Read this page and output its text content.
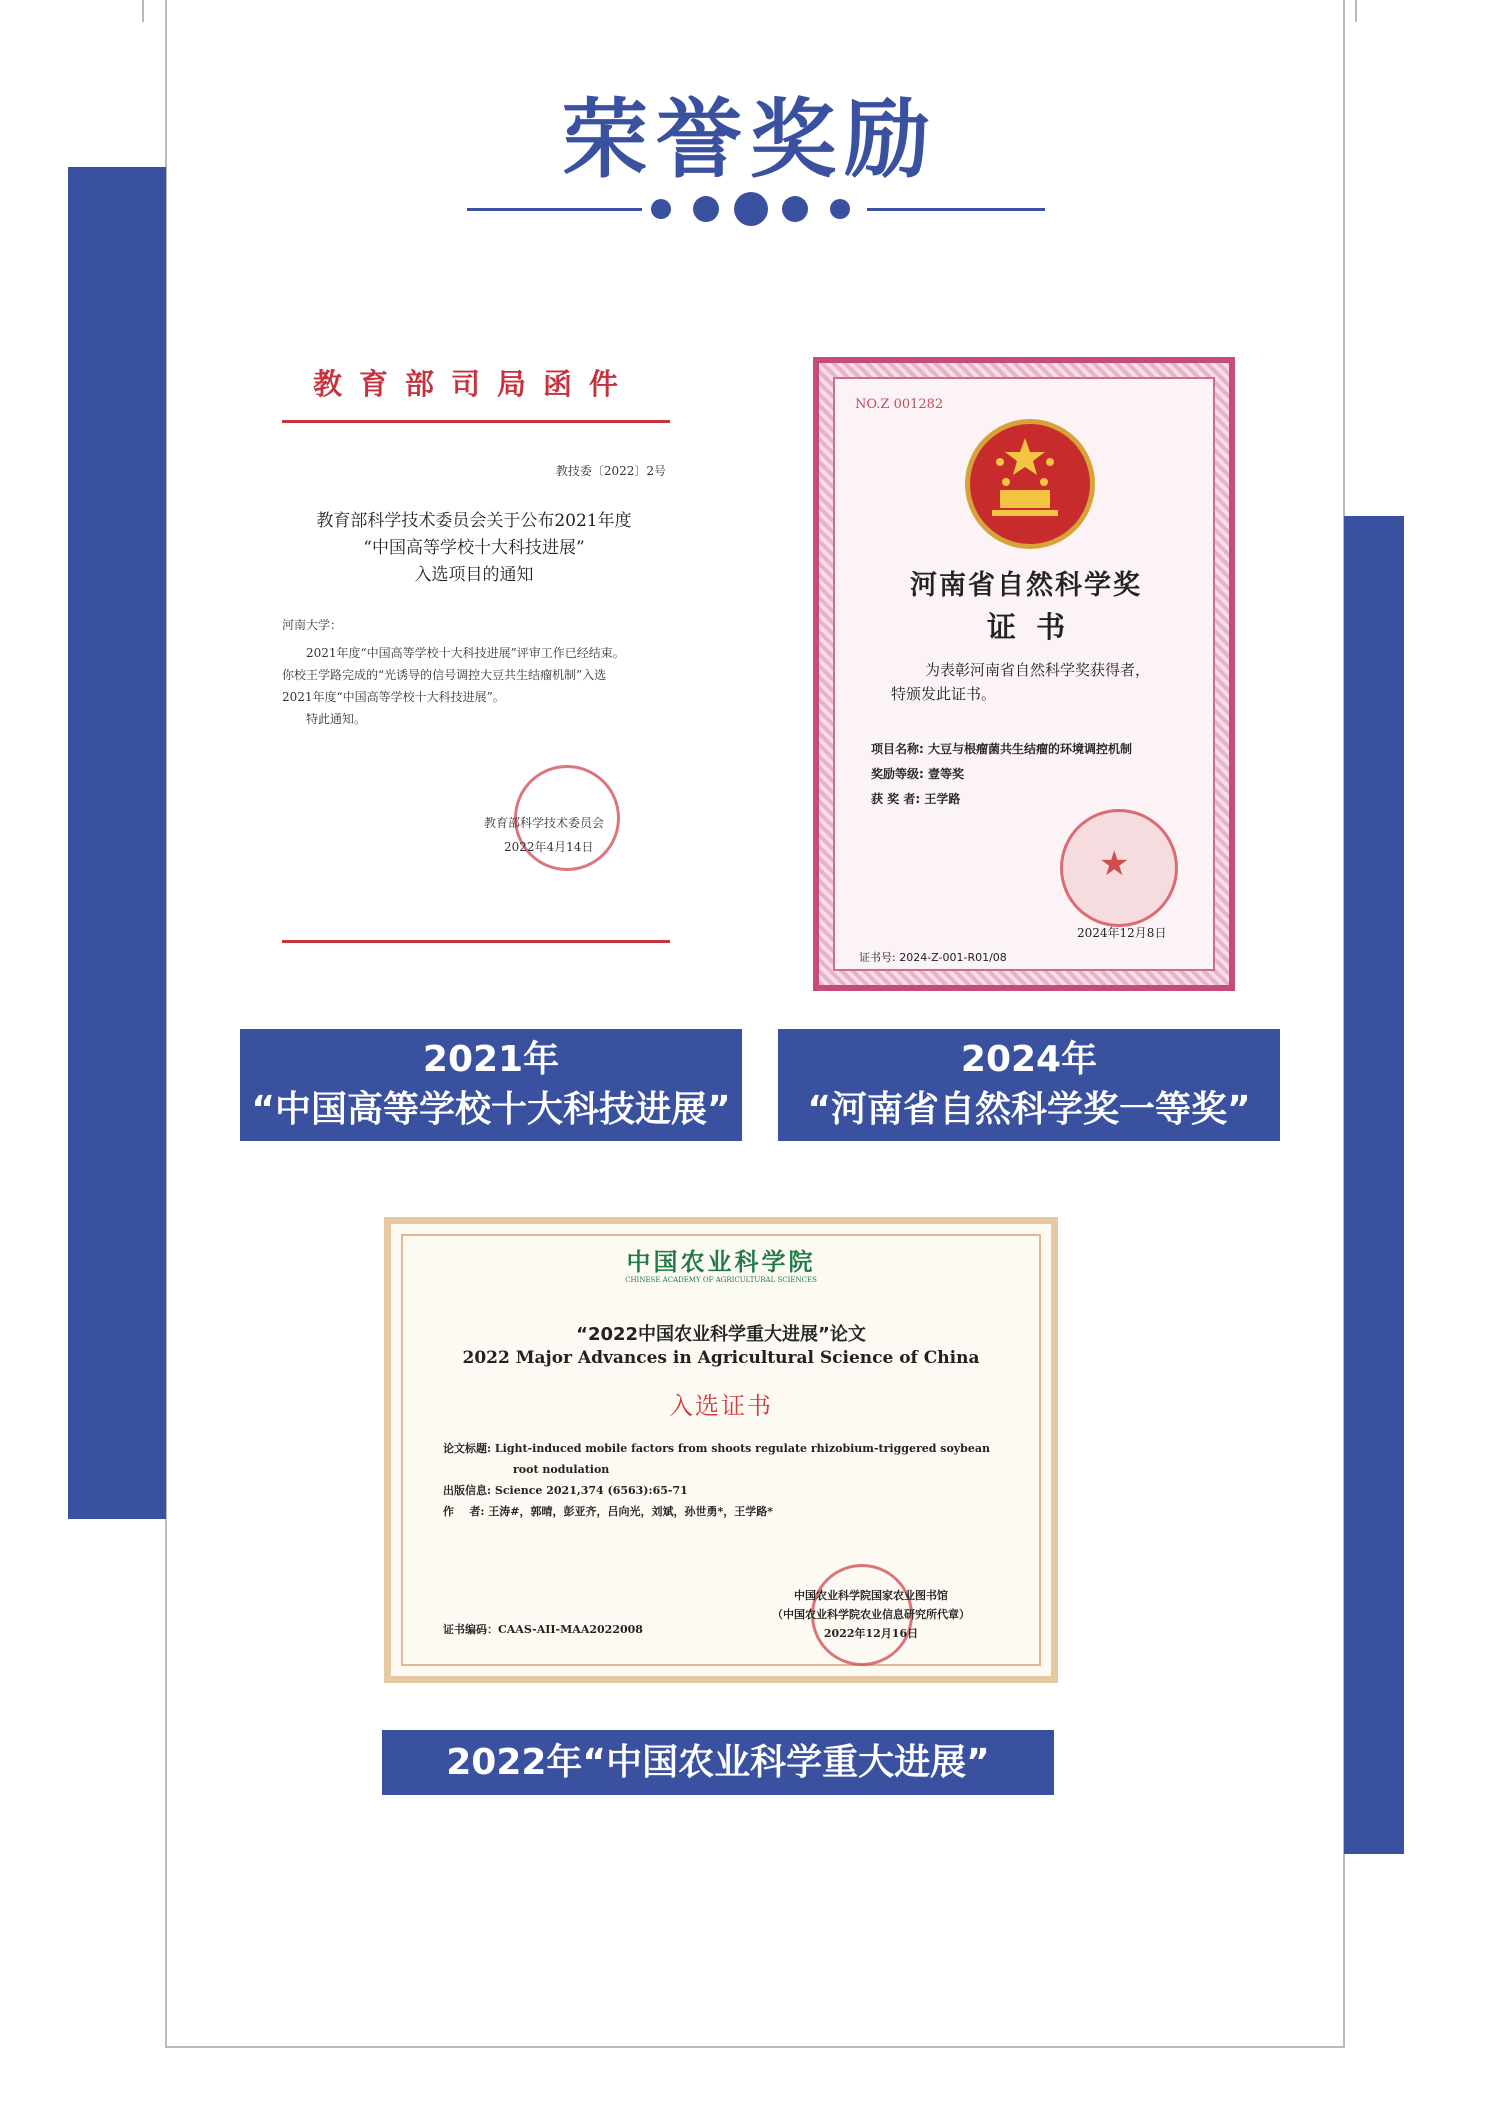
荣誉奖励
教育部司局函件
教技委〔2022〕2号
教育部科学技术委员会关于公布2021年度
“中国高等学校十大科技进展”
入选项目的通知
河南大学：
2021年度“中国高等学校十大科技进展”评审工作已经结束。
你校王学路完成的“光诱导的信号调控大豆共生结瘤机制”入选
2021年度“中国高等学校十大科技进展”。
特此通知。
教育部科学技术委员会
2022年4月14日
NO.Z 001282
河南省自然科学奖
证  书
为表彰河南省自然科学奖获得者，
特颁发此证书。
项目名称: 大豆与根瘤菌共生结瘤的环境调控机制
奖励等级: 壹等奖
获 奖 者: 王学路
★
2024年12月8日
证书号: 2024-Z-001-R01/08
2021年
“中国高等学校十大科技进展”
2024年
“河南省自然科学奖一等奖”
中国农业科学院
CHINESE ACADEMY OF AGRICULTURAL SCIENCES
“2022中国农业科学重大进展”论文
2022 Major Advances in Agricultural Science of China
入选证书
论文标题: Light-induced mobile factors from shoots regulate rhizobium-triggered soybean
root nodulation
出版信息: Science 2021,374 (6563):65-71
作    者: 王涛#，郭晴，彭亚齐，吕向光，刘斌，孙世勇*，王学路*
证书编码：CAAS-AII-MAA2022008
中国农业科学院国家农业图书馆
（中国农业科学院农业信息研究所代章）
2022年12月16日
2022年“中国农业科学重大进展”
